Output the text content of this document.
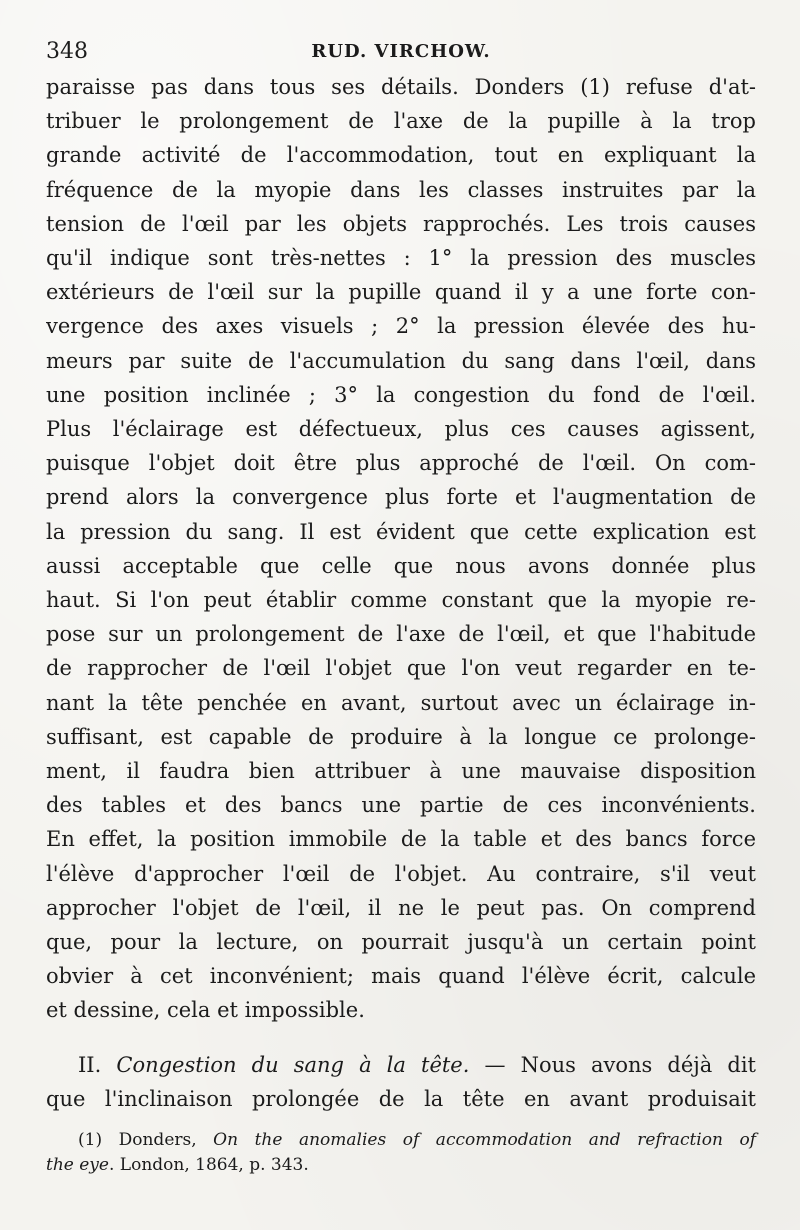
348	RUD. VIRCHOW.

paraisse pas dans tous ses détails. Donders (1) refuse d'at-
tribuer le prolongement de l'axe de la pupille à la trop
grande activité de l'accommodation, tout en expliquant la
fréquence de la myopie dans les classes instruites par la
tension de l'œil par les objets rapprochés. Les trois causes
qu'il indique sont très-nettes : 1° la pression des muscles
extérieurs de l'œil sur la pupille quand il y a une forte con-
vergence des axes visuels ; 2° la pression élevée des hu-
meurs par suite de l'accumulation du sang dans l'œil, dans
une position inclinée ; 3° la congestion du fond de l'œil.
Plus l'éclairage est défectueux, plus ces causes agissent,
puisque l'objet doit être plus approché de l'œil. On com-
prend alors la convergence plus forte et l'augmentation de
la pression du sang. Il est évident que cette explication est
aussi acceptable que celle que nous avons donnée plus
haut. Si l'on peut établir comme constant que la myopie re-
pose sur un prolongement de l'axe de l'œil, et que l'habitude
de rapprocher de l'œil l'objet que l'on veut regarder en te-
nant la tête penchée en avant, surtout avec un éclairage in-
suffisant, est capable de produire à la longue ce prolonge-
ment, il faudra bien attribuer à une mauvaise disposition
des tables et des bancs une partie de ces inconvénients.
En effet, la position immobile de la table et des bancs force
l'élève d'approcher l'œil de l'objet. Au contraire, s'il veut
approcher l'objet de l'œil, il ne le peut pas. On comprend
que, pour la lecture, on pourrait jusqu'à un certain point
obvier à cet inconvénient; mais quand l'élève écrit, calcule
et dessine, cela et impossible.

II. Congestion du sang à la tête. — Nous avons déjà dit
que l'inclinaison prolongée de la tête en avant produisait

(1) Donders, On the anomalies of accommodation and refraction of
the eye. London, 1864, p. 343.
